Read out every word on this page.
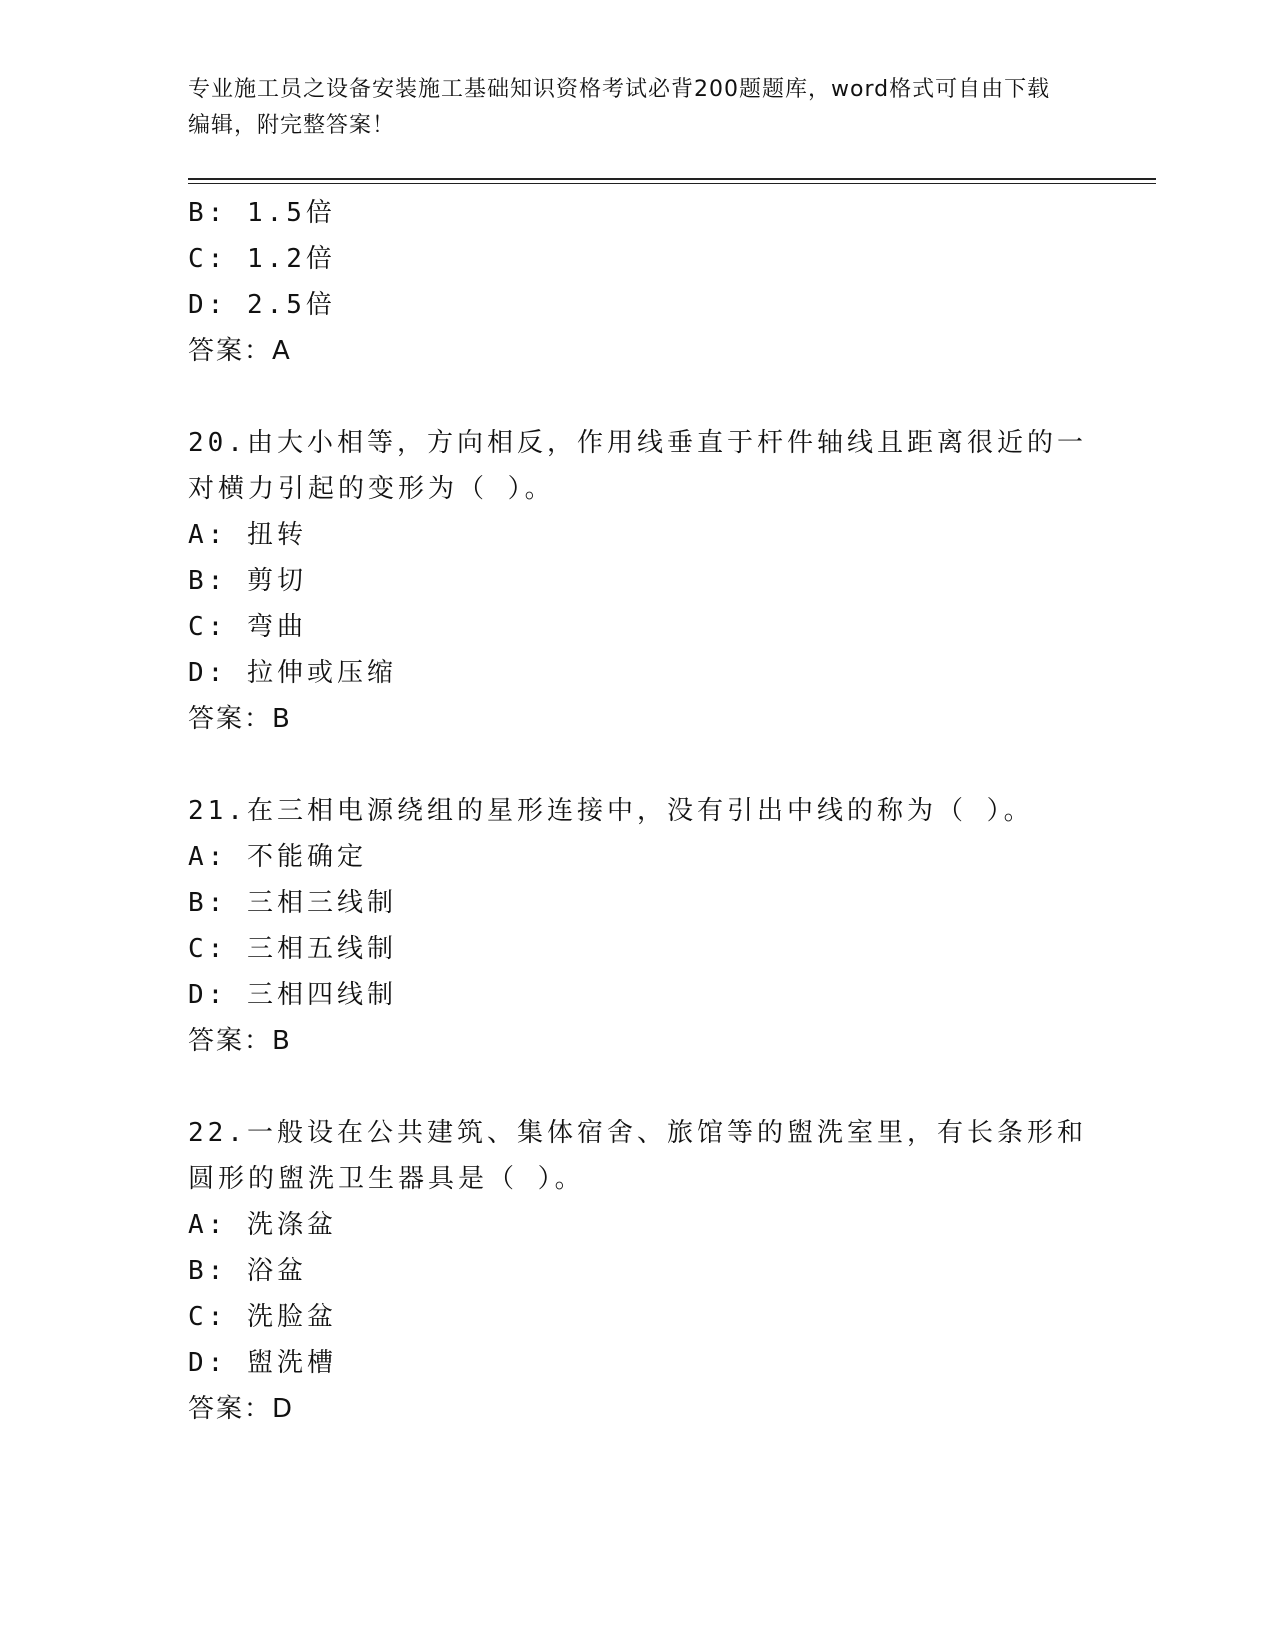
专业施工员之设备安装施工基础知识资格考试必背200题题库，word格式可自由下载编辑，附完整答案！
B: 1.5倍
C: 1.2倍
D: 2.5倍
答案：A
20.由大小相等，方向相反，作用线垂直于杆件轴线且距离很近的一对横力引起的变形为（ ）。
A: 扭转
B: 剪切
C: 弯曲
D: 拉伸或压缩
答案：B
21.在三相电源绕组的星形连接中，没有引出中线的称为（ ）。
A: 不能确定
B: 三相三线制
C: 三相五线制
D: 三相四线制
答案：B
22.一般设在公共建筑、集体宿舍、旅馆等的盥洗室里，有长条形和圆形的盥洗卫生器具是（ ）。
A: 洗涤盆
B: 浴盆
C: 洗脸盆
D: 盥洗槽
答案：D
